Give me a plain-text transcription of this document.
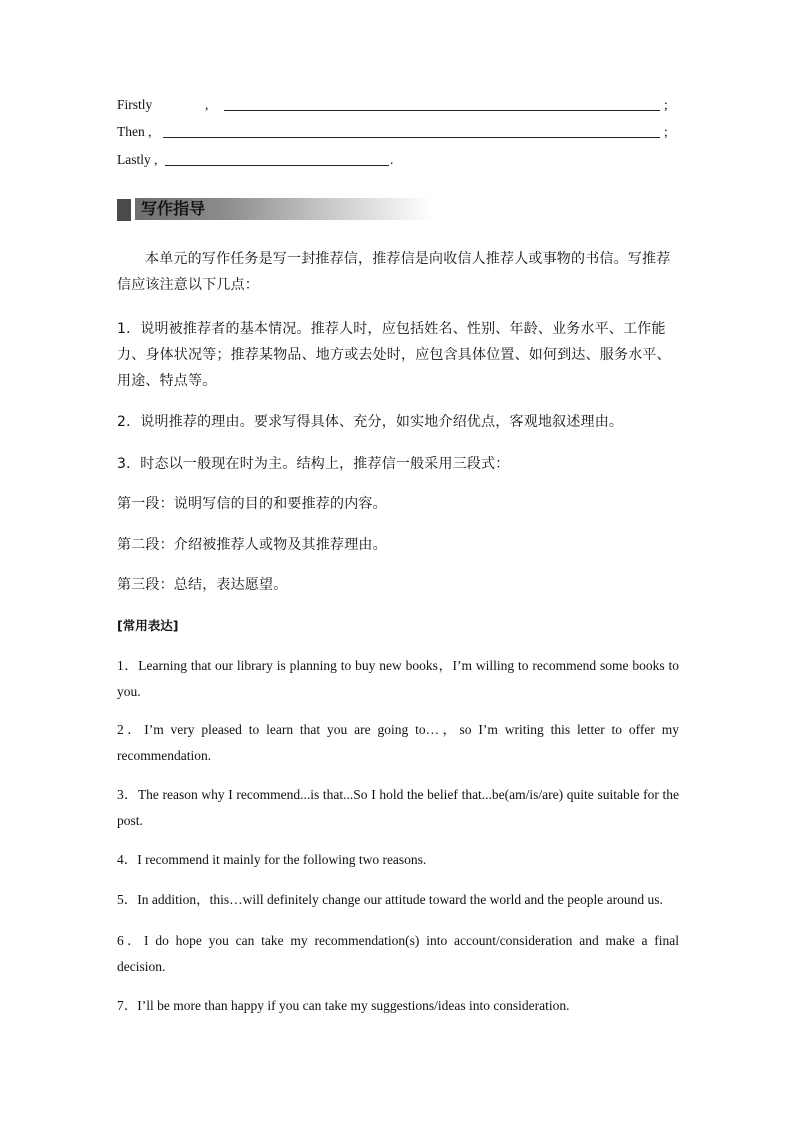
Firstly	,	;
Then ,	;
Lastly ,	.
写作指导
本单元的写作任务是写一封推荐信，推荐信是向收信人推荐人或事物的书信。写推荐信应该注意以下几点：
1．说明被推荐者的基本情况。推荐人时，应包括姓名、性别、年龄、业务水平、工作能力、身体状况等；推荐某物品、地方或去处时，应包含具体位置、如何到达、服务水平、用途、特点等。
2．说明推荐的理由。要求写得具体、充分，如实地介绍优点，客观地叙述理由。
3．时态以一般现在时为主。结构上，推荐信一般采用三段式：
第一段：说明写信的目的和要推荐的内容。
第二段：介绍被推荐人或物及其推荐理由。
第三段：总结，表达愿望。
[常用表达]
1．Learning that our library is planning to buy new books，I’m willing to recommend some books to you.
2．I’m very pleased to learn that you are going to…，so I’m writing this letter to offer my recommendation.
3．The reason why I recommend...is that...So I hold the belief that...be(am/is/are) quite suitable for the post.
4．I recommend it mainly for the following two reasons.
5．In addition，this…will definitely change our attitude toward the world and the people around us.
6．I do hope you can take my recommendation(s) into account/consideration and make a final decision.
7．I’ll be more than happy if you can take my suggestions/ideas into consideration.
